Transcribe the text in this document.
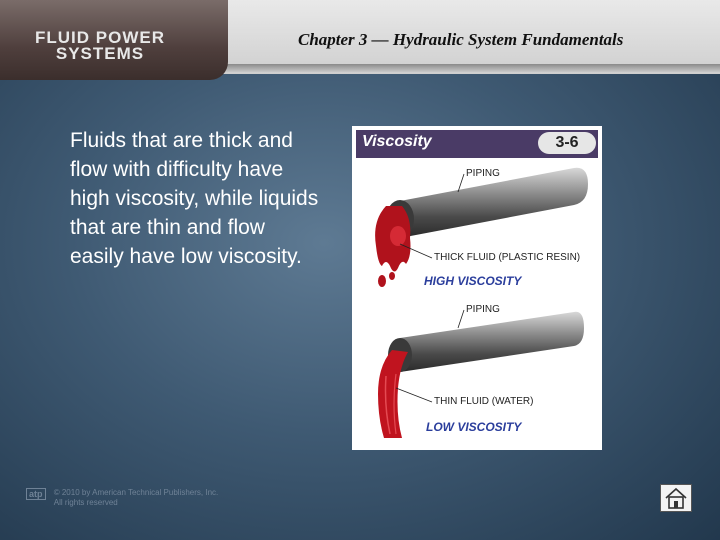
FLUID POWER
SYSTEMS
Chapter 3 — Hydraulic System Fundamentals
Fluids that are thick and flow with difficulty have high viscosity, while liquids that are thin and flow easily have low viscosity.
Viscosity	3-6
PIPING
THICK FLUID (PLASTIC RESIN)
HIGH VISCOSITY
PIPING
THIN FLUID (WATER)
LOW VISCOSITY
atp © 2010 by American Technical Publishers, Inc.
All rights reserved
